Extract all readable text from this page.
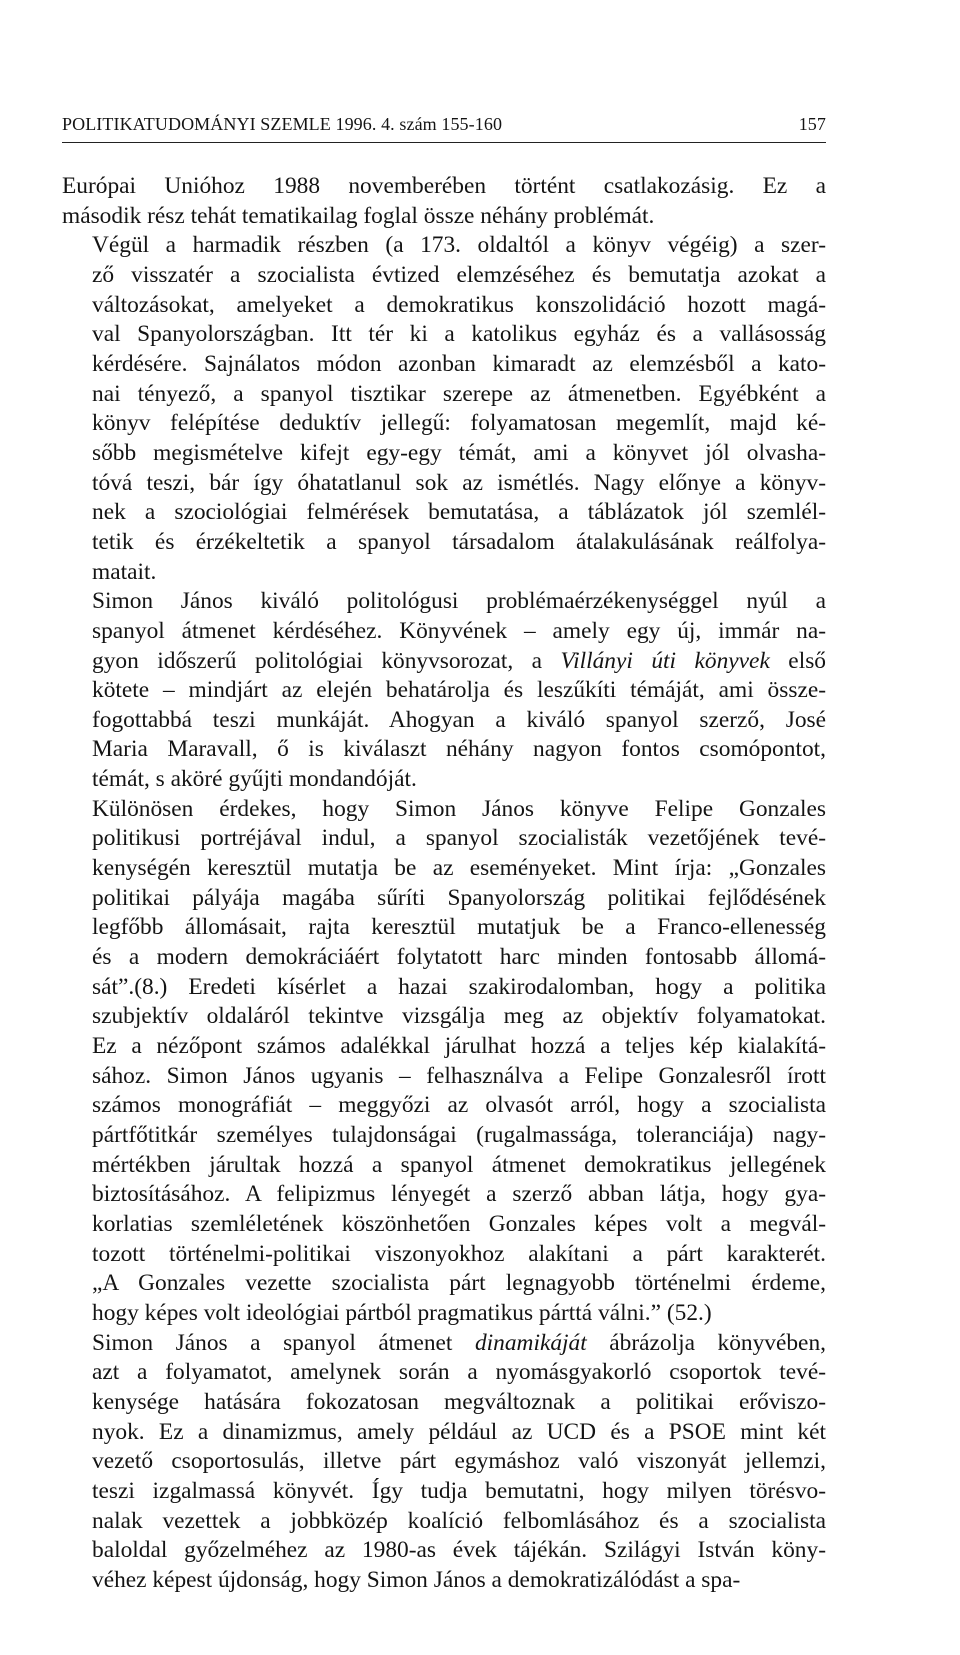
POLITIKATUDOMÁNYI SZEMLE 1996. 4. szám 155-160	157
Európai Unióhoz 1988 novemberében történt csatlakozásig. Ez a
második rész tehát tematikailag foglal össze néhány problémát.
Végül a harmadik részben (a 173. oldaltól a könyv végéig) a szer-
ző visszatér a szocialista évtized elemzéséhez és bemutatja azokat a
változásokat, amelyeket a demokratikus konszolidáció hozott magá-
val Spanyolországban. Itt tér ki a katolikus egyház és a vallásosság
kérdésére. Sajnálatos módon azonban kimaradt az elemzésből a kato-
nai tényező, a spanyol tisztikar szerepe az átmenetben. Egyébként a
könyv felépítése deduktív jellegű: folyamatosan megemlít, majd ké-
sőbb megismételve kifejt egy-egy témát, ami a könyvet jól olvasha-
tóvá teszi, bár így óhatatlanul sok az ismétlés. Nagy előnye a könyv-
nek a szociológiai felmérések bemutatása, a táblázatok jól szemlél-
tetik és érzékeltetik a spanyol társadalom átalakulásának reálfolya-
matait.
Simon János kiváló politológusi problémaérzékenységgel nyúl a
spanyol átmenet kérdéséhez. Könyvének – amely egy új, immár na-
gyon időszerű politológiai könyvsorozat, a Villányi úti könyvek első
kötete – mindjárt az elején behatárolja és leszűkíti témáját, ami össze-
fogottabbá teszi munkáját. Ahogyan a kiváló spanyol szerző, José
Maria Maravall, ő is kiválaszt néhány nagyon fontos csomópontot,
témát, s aköré gyűjti mondandóját.
Különösen érdekes, hogy Simon János könyve Felipe Gonzales
politikusi portréjával indul, a spanyol szocialisták vezetőjének tevé-
kenységén keresztül mutatja be az eseményeket. Mint írja: „Gonzales
politikai pályája magába sűríti Spanyolország politikai fejlődésének
legfőbb állomásait, rajta keresztül mutatjuk be a Franco-ellenesség
és a modern demokráciáért folytatott harc minden fontosabb állomá-
sát”.(8.) Eredeti kísérlet a hazai szakirodalomban, hogy a politika
szubjektív oldaláról tekintve vizsgálja meg az objektív folyamatokat.
Ez a nézőpont számos adalékkal járulhat hozzá a teljes kép kialakítá-
sához. Simon János ugyanis – felhasználva a Felipe Gonzalesről írott
számos monográfiát – meggyőzi az olvasót arról, hogy a szocialista
pártfőtitkár személyes tulajdonságai (rugalmassága, toleranciája) nagy-
mértékben járultak hozzá a spanyol átmenet demokratikus jellegének
biztosításához. A felipizmus lényegét a szerző abban látja, hogy gya-
korlatias szemléletének köszönhetően Gonzales képes volt a megvál-
tozott történelmi-politikai viszonyokhoz alakítani a párt karakterét.
„A Gonzales vezette szocialista párt legnagyobb történelmi érdeme,
hogy képes volt ideológiai pártból pragmatikus párttá válni.” (52.)
Simon János a spanyol átmenet dinamikáját ábrázolja könyvében,
azt a folyamatot, amelynek során a nyomásgyakorló csoportok tevé-
kenysége hatására fokozatosan megváltoznak a politikai erőviszo-
nyok. Ez a dinamizmus, amely például az UCD és a PSOE mint két
vezető csoportosulás, illetve párt egymáshoz való viszonyát jellemzi,
teszi izgalmassá könyvét. Így tudja bemutatni, hogy milyen törésvo-
nalak vezettek a jobbközép koalíció felbomlásához és a szocialista
baloldal győzelméhez az 1980-as évek tájékán. Szilágyi István köny-
véhez képest újdonság, hogy Simon János a demokratizálódást a spa-
